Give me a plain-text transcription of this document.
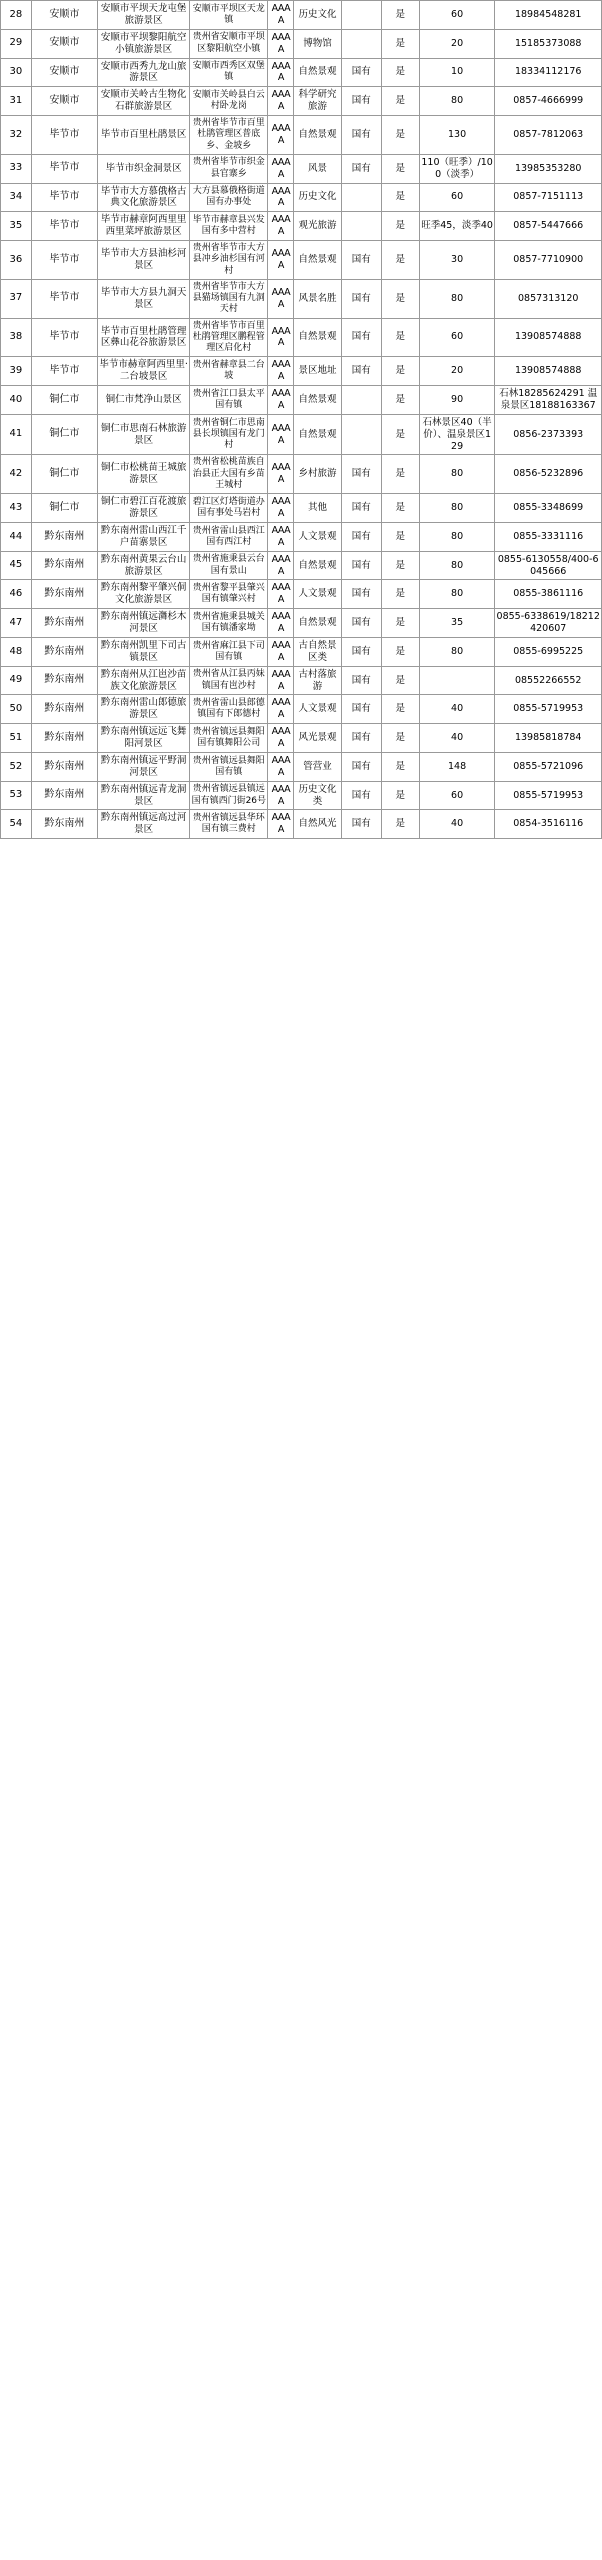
28	安顺市	安顺市平坝天龙屯堡旅游景区	安顺市平坝区天龙镇	AAAA	历史文化		是	60	18984548281
29	安顺市	安顺市平坝黎阳航空小镇旅游景区	贵州省安顺市平坝区黎阳航空小镇	AAAA	博物馆		是	20	15185373088
30	安顺市	安顺市西秀九龙山旅游景区	安顺市西秀区双堡镇	AAAA	自然景观	国有	是	10	18334112176
31	安顺市	安顺市关岭古生物化石群旅游景区	安顺市关岭县白云村卧龙岗	AAAA	科学研究旅游	国有	是	80	0857-4666999
32	毕节市	毕节市百里杜鹃景区	贵州省毕节市百里杜鹃管理区普底乡、金坡乡	AAAA	自然景观	国有	是	130	0857-7812063
33	毕节市	毕节市织金洞景区	贵州省毕节市织金县官寨乡	AAAA	风景	国有	是	110（旺季）/100（淡季）	13985353280
34	毕节市	毕节市大方慕俄格古典文化旅游景区	大方县慕俄格街道国有办事处	AAAA	历史文化		是	60	0857-7151113
35	毕节市	毕节市赫章阿西里里西里菜坪旅游景区	毕节市赫章县兴发国有多中营村	AAAA	观光旅游		是	旺季45，淡季40	0857-5447666
36	毕节市	毕节市大方县油杉河景区	贵州省毕节市大方县冲乡油杉国有河村	AAAA	自然景观	国有	是	30	0857-7710900
37	毕节市	毕节市大方县九洞天景区	贵州省毕节市大方县猫场镇国有九洞天村	AAAA	风景名胜	国有	是	80	0857313120
38	毕节市	毕节市百里杜鹃管理区彝山花谷旅游景区	贵州省毕节市百里杜鹃管理区鹏程管理区启化村	AAAA	自然景观	国有	是	60	13908574888
39	毕节市	毕节市赫章阿西里里·二台坡景区	贵州省赫章县二台坡	AAAA	景区地址	国有	是	20	13908574888
40	铜仁市	铜仁市梵净山景区	贵州省江口县太平国有镇	AAAA	自然景观		是	90	石林18285624291 温泉景区18188163367
41	铜仁市	铜仁市思南石林旅游景区	贵州省铜仁市思南县长坝镇国有龙门村	AAAA	自然景观		是	石林景区40（半价）、温泉景区129	0856-2373393
42	铜仁市	铜仁市松桃苗王城旅游景区	贵州省松桃苗族自治县正大国有乡苗王城村	AAAA	乡村旅游	国有	是	80	0856-5232896
43	铜仁市	铜仁市碧江百花渡旅游景区	碧江区灯塔街道办国有事处马岩村	AAAA	其他	国有	是	80	0855-3348699
44	黔东南州	黔东南州雷山西江千户苗寨景区	贵州省雷山县西江国有西江村	AAAA	人文景观	国有	是	80	0855-3331116
45	黔东南州	黔东南州黄果云台山旅游景区	贵州省施秉县云台国有景山	AAAA	自然景观	国有	是	80	0855-6130558/400-6045666
46	黔东南州	黔东南州黎平肇兴侗文化旅游景区	贵州省黎平县肇兴国有镇肇兴村	AAAA	人文景观	国有	是	80	0855-3861116
47	黔东南州	黔东南州镇远㵲杉木河景区	贵州省施秉县城关国有镇潘家坳	AAAA	自然景观	国有	是	35	0855-6338619/18212420607
48	黔东南州	黔东南州凯里下司古镇景区	贵州省麻江县下司国有镇	AAAA	古自然景区类	国有	是	80	0855-6995225
49	黔东南州	黔东南州从江岜沙苗族文化旅游景区	贵州省从江县丙妹镇国有岜沙村	AAAA	古村落旅游	国有	是		08552266552
50	黔东南州	黔东南州雷山郎德旅游景区	贵州省雷山县郎德镇国有下郎德村	AAAA	人文景观	国有	是	40	0855-5719953
51	黔东南州	黔东南州镇远远飞舞阳河景区	贵州省镇远县舞阳国有镇舞阳公司	AAAA	风光景观	国有	是	40	13985818784
52	黔东南州	黔东南州镇远平野洞河景区	贵州省镇远县舞阳国有镇	AAAA	管营业	国有	是	148	0855-5721096
53	黔东南州	黔东南州镇远青龙洞景区	贵州省镇远县镇远国有镇西门街26号	AAAA	历史文化类	国有	是	60	0855-5719953
54	黔东南州	黔东南州镇远高过河景区	贵州省镇远县华环国有镇三费村	AAAA	自然风光	国有	是	40	0854-3516116
